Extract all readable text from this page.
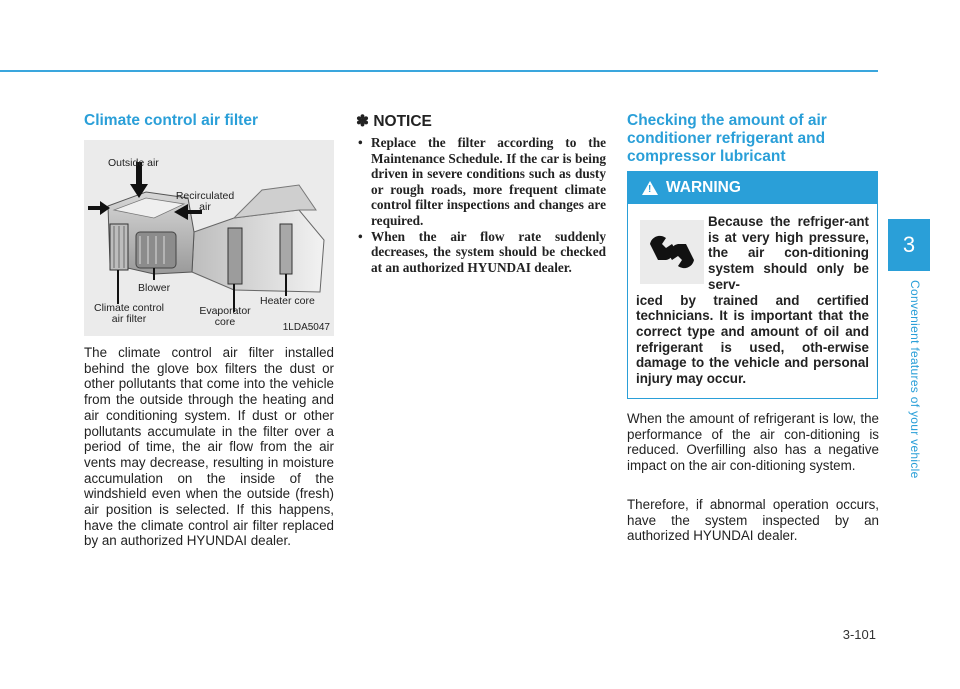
3
Convenient features of your vehicle
Climate control air filter
Outside air
Recirculated
air
Blower
Climate control
air filter
Evaporator
core
Heater core
1LDA5047

The climate control air filter installed behind the glove box filters the dust or other pollutants that come into the vehicle from the outside through the heating and air conditioning system. If dust or other pollutants accumulate in the filter over a period of time, the air flow from the air vents may decrease, resulting in moisture accumulation on the inside of the windshield even when the outside (fresh) air position is selected. If this happens, have the climate control air filter replaced by an authorized HYUNDAI dealer.

✽ NOTICE
• Replace the filter according to the Maintenance Schedule. If the car is being driven in severe conditions such as dusty or rough roads, more frequent climate control filter inspections and changes are required.
• When the air flow rate suddenly decreases, the system should be checked at an authorized HYUNDAI dealer.
Checking the amount of air conditioner refrigerant and compressor lubricant
! WARNING
Because the refriger-ant is at very high pressure, the air con-ditioning system should only be serv-
iced by trained and certified technicians. It is important that the correct type and amount of oil and refrigerant is used, oth-erwise damage to the vehicle and personal injury may occur.

When the amount of refrigerant is low, the performance of the air con-ditioning is reduced. Overfilling also has a negative impact on the air con-ditioning system.

Therefore, if abnormal operation occurs, have the system inspected by an authorized HYUNDAI dealer.

3-101
